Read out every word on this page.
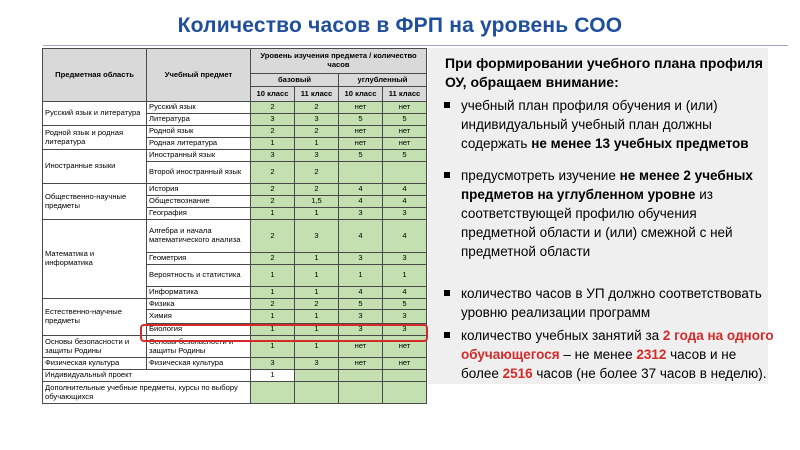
Количество часов в ФРП на уровень СОО
Предметная область	Учебный предмет	Уровень изучения предмета / количество часов			
		базовый		углубленный	
		10 класс	11 класс	10 класс	11 класс
Русский язык и литература	Русский язык	2	2	нет	нет
	Литература	3	3	5	5
Родной язык и родная литература	Родной язык	2	2	нет	нет
	Родная литература	1	1	нет	нет
Иностранные языки	Иностранный язык	3	3	5	5
	Второй иностранный язык	2	2		
Общественно-научные предметы	История	2	2	4	4
	Обществознание	2	1,5	4	4
	География	1	1	3	3
Математика и информатика	Алгебра и начала математического анализа	2	3	4	4
	Геометрия	2	1	3	3
	Вероятность и статистика	1	1	1	1
	Информатика	1	1	4	4
Естественно-научные предметы	Физика	2	2	5	5
	Химия	1	1	3	3
	Биология	1	1	3	3
Основы безопасности и защиты Родины	Основы безопасности и защиты Родины	1	1	нет	нет
Физическая культура	Физическая культура	3	3	нет	нет
Индивидуальный проект		1			
Дополнительные учебные предметы, курсы по выбору обучающихся					
При формировании учебного плана профиля ОУ, обращаем внимание:
учебный план профиля обучения и (или) индивидуальный учебный план должны содержать не менее 13 учебных предметов
предусмотреть изучение не менее 2 учебных предметов на углубленном уровне из соответствующей профилю обучения предметной области и (или) смежной с ней предметной области
количество часов в УП должно соответствовать уровню реализации программ
количество учебных занятий за 2 года на одного обучающегося – не менее 2312 часов и не более 2516 часов (не более 37 часов в неделю).
